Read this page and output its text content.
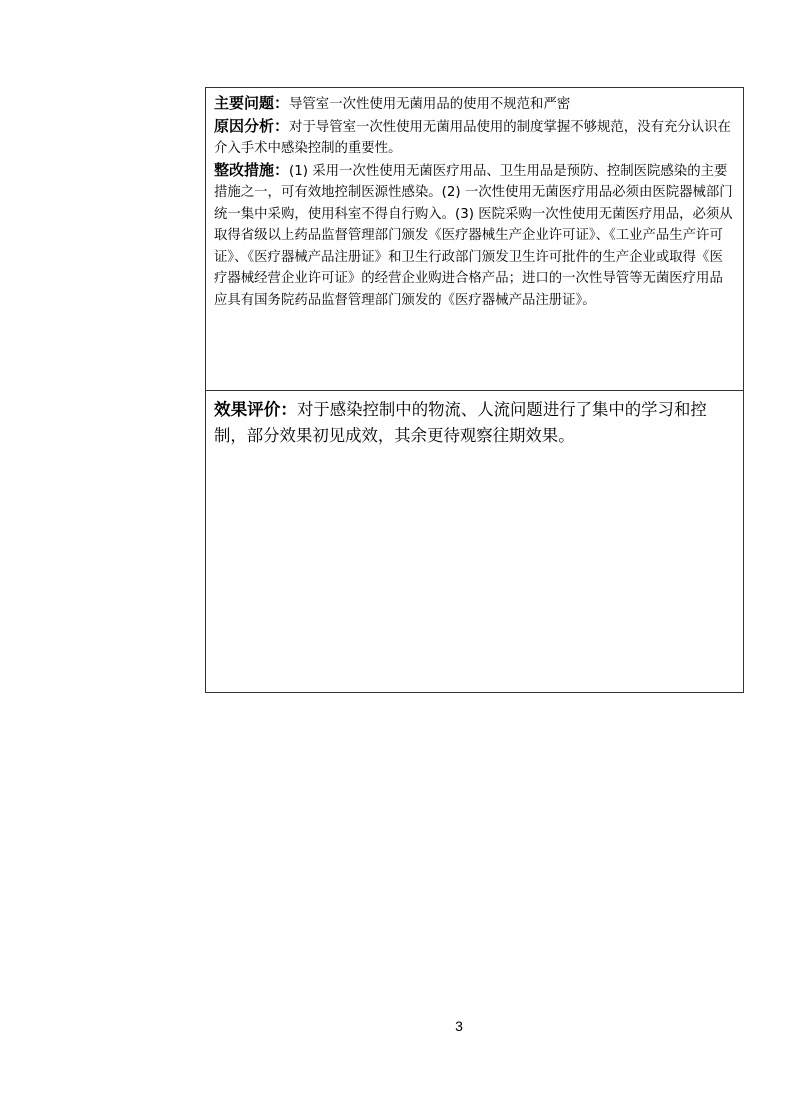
主要问题：导管室一次性使用无菌用品的使用不规范和严密

原因分析：对于导管室一次性使用无菌用品使用的制度掌握不够规范，没有充分认识在介入手术中感染控制的重要性。

整改措施：(1) 采用一次性使用无菌医疗用品、卫生用品是预防、控制医院感染的主要措施之一，可有效地控制医源性感染。(2) 一次性使用无菌医疗用品必须由医院器械部门统一集中采购，使用科室不得自行购入。(3) 医院采购一次性使用无菌医疗用品，必须从取得省级以上药品监督管理部门颁发《医疗器械生产企业许可证》、《工业产品生产许可证》、《医疗器械产品注册证》和卫生行政部门颁发卫生许可批件的生产企业或取得《医疗器械经营企业许可证》的经营企业购进合格产品；进口的一次性导管等无菌医疗用品应具有国务院药品监督管理部门颁发的《医疗器械产品注册证》。

效果评价：对于感染控制中的物流、人流问题进行了集中的学习和控制，部分效果初见成效，其余更待观察往期效果。

3
